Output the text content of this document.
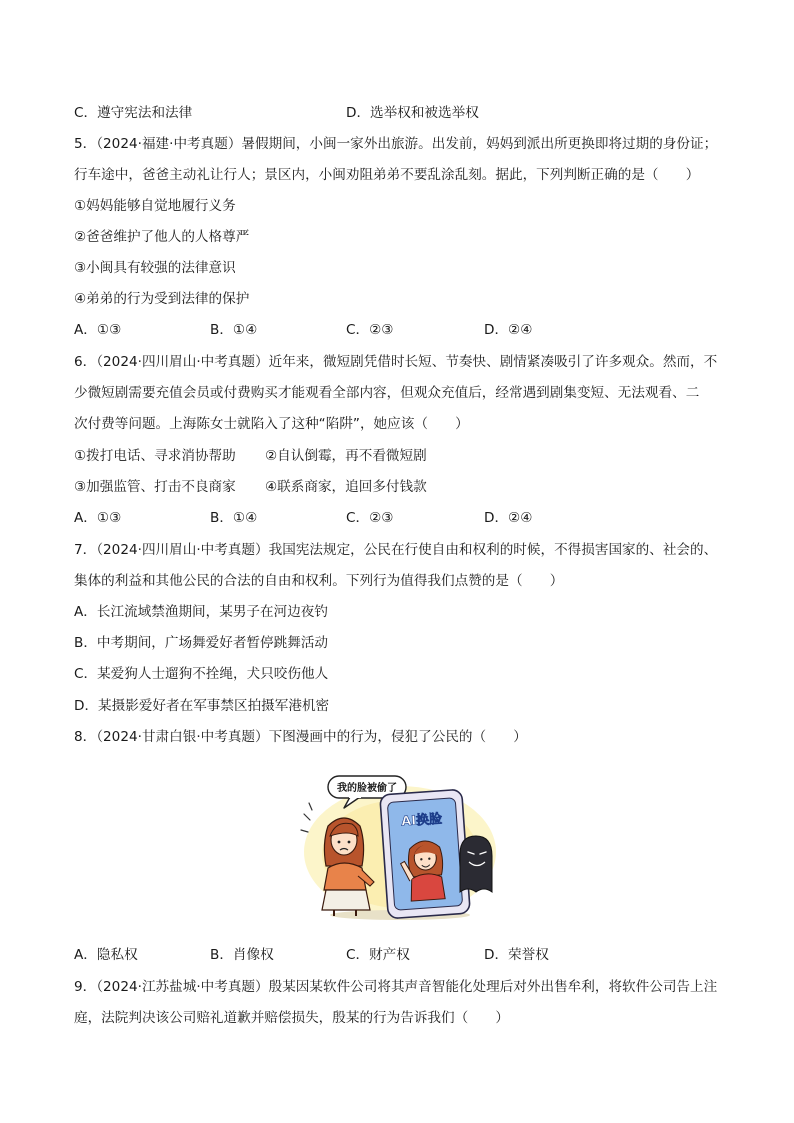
C．遵守宪法和法律	D．选举权和被选举权
5．（2024·福建·中考真题）暑假期间，小闽一家外出旅游。出发前，妈妈到派出所更换即将过期的身份证；
行车途中，爸爸主动礼让行人；景区内，小闽劝阻弟弟不要乱涂乱刻。据此，下列判断正确的是（　　）
①妈妈能够自觉地履行义务
②爸爸维护了他人的人格尊严
③小闽具有较强的法律意识
④弟弟的行为受到法律的保护
A．①③	B．①④	C．②③	D．②④
6．（2024·四川眉山·中考真题）近年来，微短剧凭借时长短、节奏快、剧情紧凑吸引了许多观众。然而，不
少微短剧需要充值会员或付费购买才能观看全部内容，但观众充值后，经常遇到剧集变短、无法观看、二
次付费等问题。上海陈女士就陷入了这种“陷阱”，她应该（　　）
①拨打电话、寻求消协帮助 ②自认倒霉，再不看微短剧
③加强监管、打击不良商家 ④联系商家，追回多付钱款
A．①③	B．①④	C．②③	D．②④
7．（2024·四川眉山·中考真题）我国宪法规定，公民在行使自由和权利的时候，不得损害国家的、社会的、
集体的利益和其他公民的合法的自由和权利。下列行为值得我们点赞的是（　　）
A．长江流域禁渔期间，某男子在河边夜钓
B．中考期间，广场舞爱好者暂停跳舞活动
C．某爱狗人士遛狗不拴绳，犬只咬伤他人
D．某摄影爱好者在军事禁区拍摄军港机密
8．（2024·甘肃白银·中考真题）下图漫画中的行为，侵犯了公民的（　　）
我的脸被偷了
AI换脸
A．隐私权	B．肖像权	C．财产权	D．荣誉权
9．（2024·江苏盐城·中考真题）殷某因某软件公司将其声音智能化处理后对外出售牟利，将软件公司告上注
庭，法院判决该公司赔礼道歉并赔偿损失，殷某的行为告诉我们（　　）
